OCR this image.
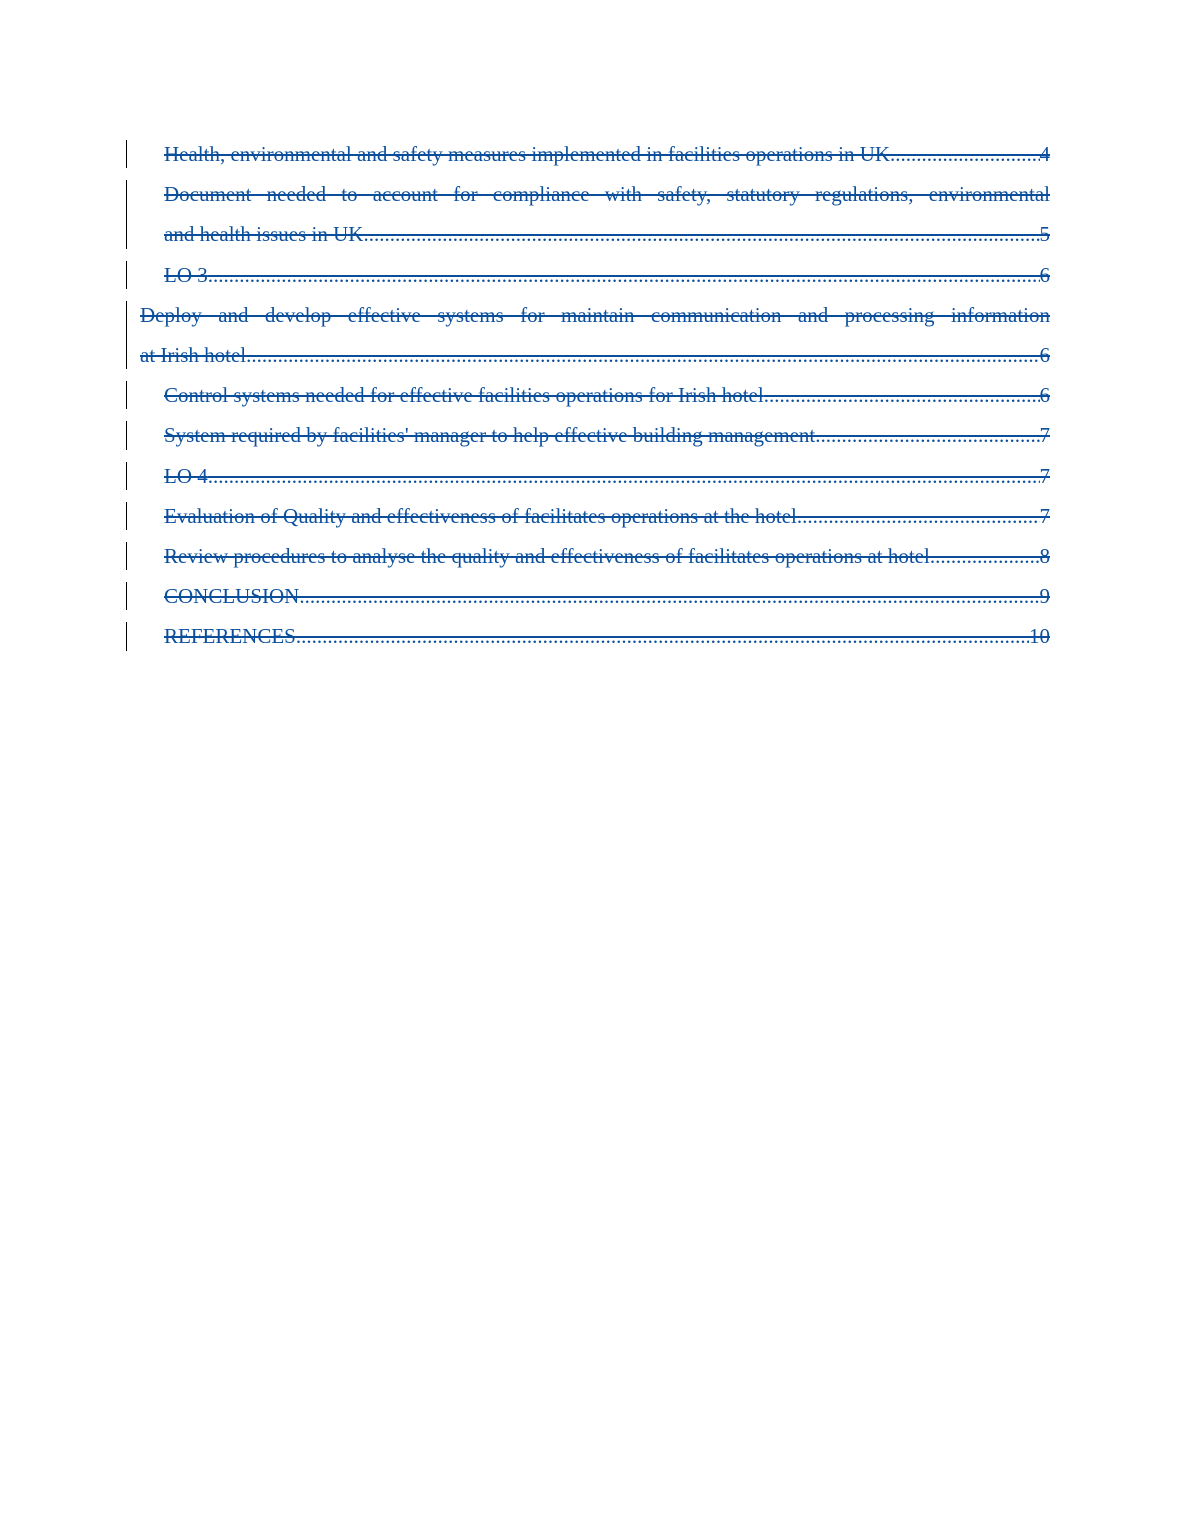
Health, environmental and safety measures implemented in facilities operations in UK .....	4
Document needed to account for compliance with safety, statutory regulations, environmental
and health issues in UK .....	5
LO 3 .....	6
Deploy and develop effective systems for maintain communication and processing information
at Irish hotel .....	6
Control systems needed for effective facilities operations for Irish hotel .....	6
System required by facilities' manager to help effective building management .....	7
LO 4 .....	7
Evaluation of Quality and effectiveness of facilitates operations at the hotel .....	7
Review procedures to analyse the quality and effectiveness of facilitates operations at hotel .....	8
CONCLUSION .....	9
REFERENCES .....	10
